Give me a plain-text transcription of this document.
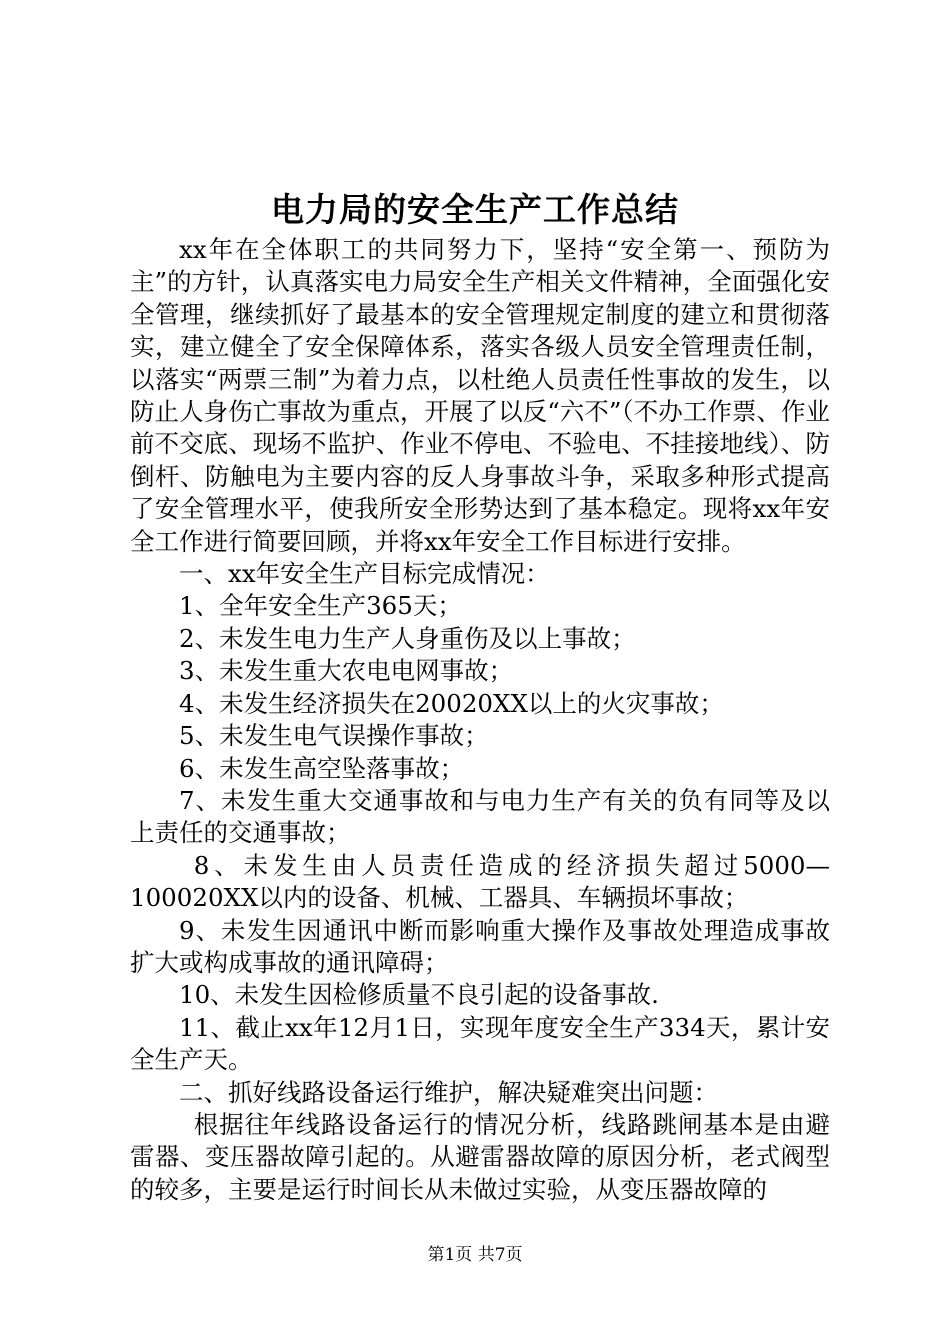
电力局的安全生产工作总结

xx年在全体职工的共同努力下，坚持“安全第一、预防为主”的方针，认真落实电力局安全生产相关文件精神，全面强化安全管理，继续抓好了最基本的安全管理规定制度的建立和贯彻落实，建立健全了安全保障体系，落实各级人员安全管理责任制，以落实“两票三制”为着力点，以杜绝人员责任性事故的发生，以防止人身伤亡事故为重点，开展了以反“六不”（不办工作票、作业前不交底、现场不监护、作业不停电、不验电、不挂接地线）、防倒杆、防触电为主要内容的反人身事故斗争，采取多种形式提高了安全管理水平，使我所安全形势达到了基本稳定。现将xx年安全工作进行简要回顾，并将xx年安全工作目标进行安排。

一、xx年安全生产目标完成情况：

1、全年安全生产365天；

2、未发生电力生产人身重伤及以上事故；

3、未发生重大农电电网事故；

4、未发生经济损失在20020XX以上的火灾事故；

5、未发生电气误操作事故；

6、未发生高空坠落事故；

7、未发生重大交通事故和与电力生产有关的负有同等及以上责任的交通事故；

8、未发生由人员责任造成的经济损失超过5000—100020XX以内的设备、机械、工器具、车辆损坏事故；

9、未发生因通讯中断而影响重大操作及事故处理造成事故扩大或构成事故的通讯障碍；

10、未发生因检修质量不良引起的设备事故.

11、截止xx年12月1日，实现年度安全生产334天，累计安全生产天。

二、抓好线路设备运行维护，解决疑难突出问题：

根据往年线路设备运行的情况分析，线路跳闸基本是由避雷器、变压器故障引起的。从避雷器故障的原因分析，老式阀型的较多，主要是运行时间长从未做过实验，从变压器故障的

第1页 共7页
